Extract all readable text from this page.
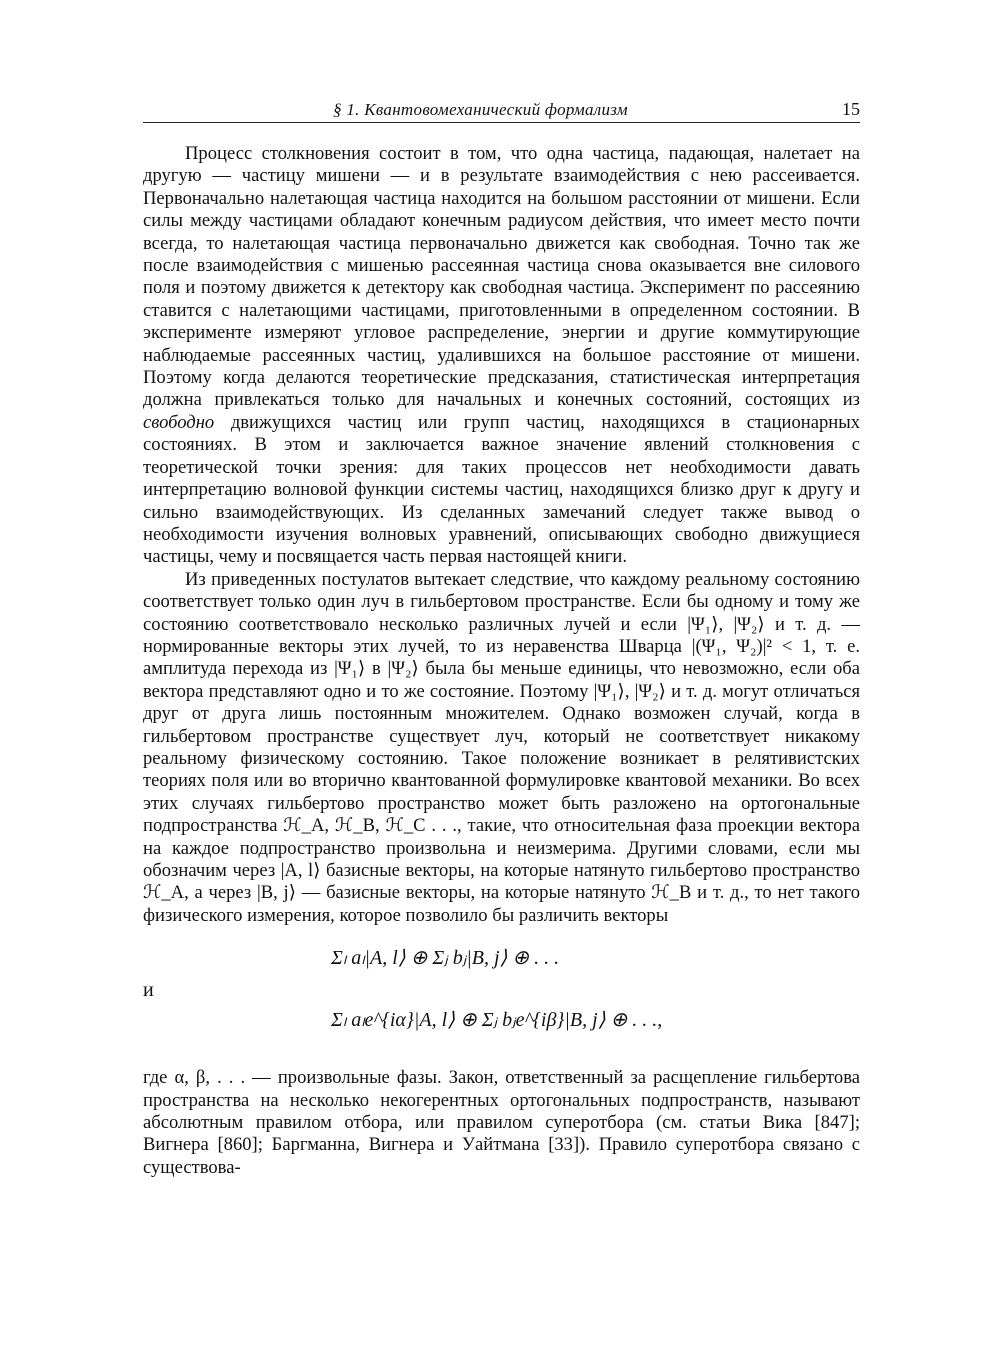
§ 1. Квантовомеханический формализм	15

Процесс столкновения состоит в том, что одна частица, падающая, налетает на другую — частицу мишени — и в результате взаимодействия с нею рассеивается. Первоначально налетающая частица находится на большом расстоянии от мишени. Если силы между частицами обладают конечным радиусом действия, что имеет место почти всегда, то налетающая частица первоначально движется как свободная. Точно так же после взаимодействия с мишенью рассеянная частица снова оказывается вне силового поля и поэтому движется к детектору как свободная частица. Эксперимент по рассеянию ставится с налетающими частицами, приготовленными в определенном состоянии. В эксперименте измеряют угловое распределение, энергии и другие коммутирующие наблюдаемые рассеянных частиц, удалившихся на большое расстояние от мишени. Поэтому когда делаются теоретические предсказания, статистическая интерпретация должна привлекаться только для начальных и конечных состояний, состоящих из свободно движущихся частиц или групп частиц, находящихся в стационарных состояниях. В этом и заключается важное значение явлений столкновения с теоретической точки зрения: для таких процессов нет необходимости давать интерпретацию волновой функции системы частиц, находящихся близко друг к другу и сильно взаимодействующих. Из сделанных замечаний следует также вывод о необходимости изучения волновых уравнений, описывающих свободно движущиеся частицы, чему и посвящается часть первая настоящей книги.

Из приведенных постулатов вытекает следствие, что каждому реальному состоянию соответствует только один луч в гильбертовом пространстве. Если бы одному и тому же состоянию соответствовало несколько различных лучей и если |Ψ₁⟩, |Ψ₂⟩ и т. д. — нормированные векторы этих лучей, то из неравенства Шварца |(Ψ₁, Ψ₂)|² < 1, т. е. амплитуда перехода из |Ψ₁⟩ в |Ψ₂⟩ была бы меньше единицы, что невозможно, если оба вектора представляют одно и то же состояние. Поэтому |Ψ₁⟩, |Ψ₂⟩ и т. д. могут отличаться друг от друга лишь постоянным множителем. Однако возможен случай, когда в гильбертовом пространстве существует луч, который не соответствует никакому реальному физическому состоянию. Такое положение возникает в релятивистских теориях поля или во вторично квантованной формулировке квантовой механики. Во всех этих случаях гильбертово пространство может быть разложено на ортогональные подпространства ℋ_A, ℋ_B, ℋ_C . . ., такие, что относительная фаза проекции вектора на каждое подпространство произвольна и неизмерима. Другими словами, если мы обозначим через |A, l⟩ базисные векторы, на которые натянуто гильбертово пространство ℋ_A, а через |B, j⟩ — базисные векторы, на которые натянуто ℋ_B и т. д., то нет такого физического измерения, которое позволило бы различить векторы

Σₗ aₗ|A, l⟩ ⊕ Σⱼ bⱼ|B, j⟩ ⊕ . . .
и
Σₗ aₗe^{iα}|A, l⟩ ⊕ Σⱼ bⱼe^{iβ}|B, j⟩ ⊕ . . .,

где α, β, . . . — произвольные фазы. Закон, ответственный за расщепление гильбертова пространства на несколько некогерентных ортогональных подпространств, называют абсолютным правилом отбора, или правилом суперотбора (см. статьи Вика [847]; Вигнера [860]; Баргманна, Вигнера и Уайтмана [33]). Правило суперотбора связано с существова-
